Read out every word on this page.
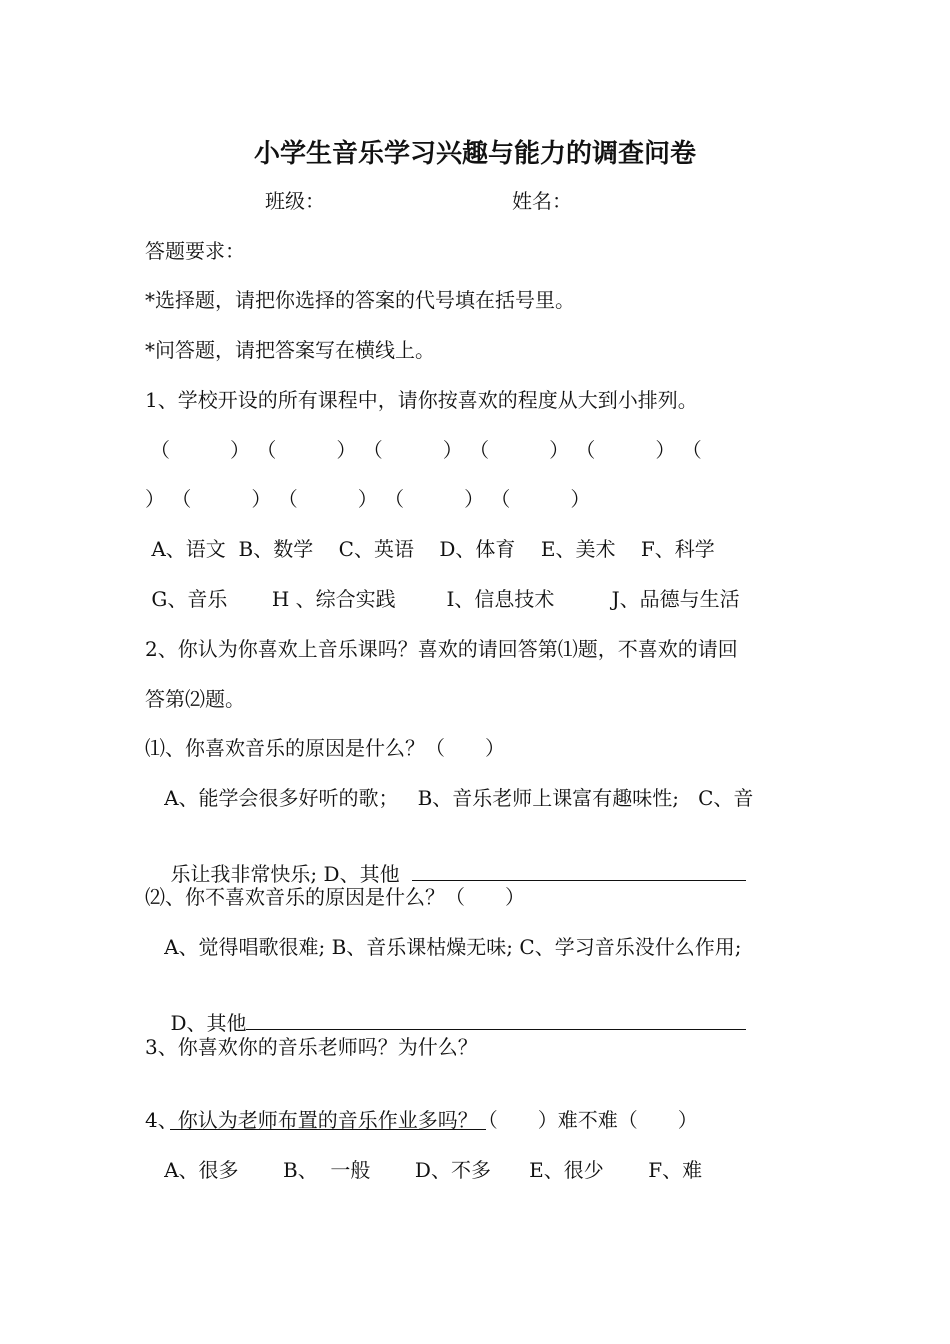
小学生音乐学习兴趣与能力的调查问卷
班级：	姓名：
答题要求：
*选择题，请把你选择的答案的代号填在括号里。
*问答题，请把答案写在横线上。
1、学校开设的所有课程中，请你按喜欢的程度从大到小排列。
（　　　） （　　　） （　　　） （　　　） （　　　） （
） （　　　） （　　　） （　　　） （　　　）
A、语文  B、数学    C、英语    D、体育    E、美术    F、科学
G、音乐       H 、综合实践        I、信息技术         J、品德与生活
2、你认为你喜欢上音乐课吗？喜欢的请回答第⑴题，不喜欢的请回
答第⑵题。
⑴、你喜欢音乐的原因是什么？（　　）
A、能学会很多好听的歌；   B、音乐老师上课富有趣味性;   C、音

乐让我非常快乐; D、其他

⑵、你不喜欢音乐的原因是什么？（　　）
A、觉得唱歌很难; B、音乐课枯燥无味; C、学习音乐没什么作用;

D、其他

3、你喜欢你的音乐老师吗？为什么？

4、你认为老师布置的音乐作业多吗？（　　）难不难（　　）
A、很多       B、  一般       D、不多      E、很少       F、难
